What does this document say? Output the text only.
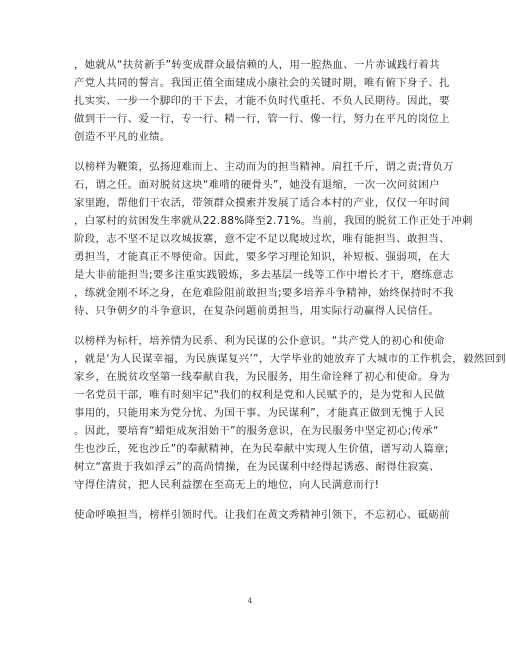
，她就从“扶贫新手”转变成群众最信赖的人，用一腔热血、一片赤诚践行着共
产党人共同的誓言。我国正值全面建成小康社会的关键时期，唯有俯下身子、扎
扎实实、一步一个脚印的干下去，才能不负时代重托、不负人民期待。因此，要
做到干一行、爱一行，专一行、精一行，管一行、像一行，努力在平凡的岗位上
创造不平凡的业绩。
以榜样为鞭策，弘扬迎难而上、主动而为的担当精神。肩扛千斤，谓之责;背负万
石，谓之任。面对脱贫这块“难啃的硬骨头”，她没有退缩，一次一次问贫困户
家里跑，帮他们干农活，带领群众摸索并发展了适合本村的产业，仅仅一年时间
，白冢村的贫困发生率就从22.88%降至2.71%。当前，我国的脱贫工作正处于冲刺
阶段，志不坚不足以攻城拔寨，意不定不足以爬坡过坎，唯有能担当、敢担当、
勇担当，才能真正不辱使命。因此，要多学习理论知识，补短板、强弱项，在大
是大非前能担当;要多注重实践锻炼，多去基层一线等工作中增长才干，磨练意志
，练就金刚不坏之身，在危难险阻前敢担当;要多培养斗争精神，始终保持时不我
待、只争朝夕的斗争意识，在复杂问题前勇担当，用实际行动赢得人民信任。
以榜样为标杆，培养情为民系、利为民谋的公仆意识。“共产党人的初心和使命
，就是‘为人民谋幸福，为民族谋复兴’”，大学毕业的她放弃了大城市的工作机会，毅然回到
家乡，在脱贫攻坚第一线奉献自我，为民服务，用生命诠释了初心和使命。身为
一名党员干部，唯有时刻牢记“我们的权利是党和人民赋予的，是为党和人民做
事用的，只能用来为党分忧、为国干事、为民谋利”，才能真正做到无愧于人民
。因此，要培育“蜡炬成灰泪始干”的服务意识，在为民服务中坚定初心;传承“
生也沙丘，死也沙丘”的奉献精神，在为民奉献中实现人生价值，谱写动人篇章;
树立“富贵于我如浮云”的高尚情操，在为民谋利中经得起诱惑、耐得住寂寞、
守得住清贫，把人民利益摆在至高无上的地位，向人民满意而行!
使命呼唤担当，榜样引领时代。让我们在黄文秀精神引领下，不忘初心、砥砺前
4
